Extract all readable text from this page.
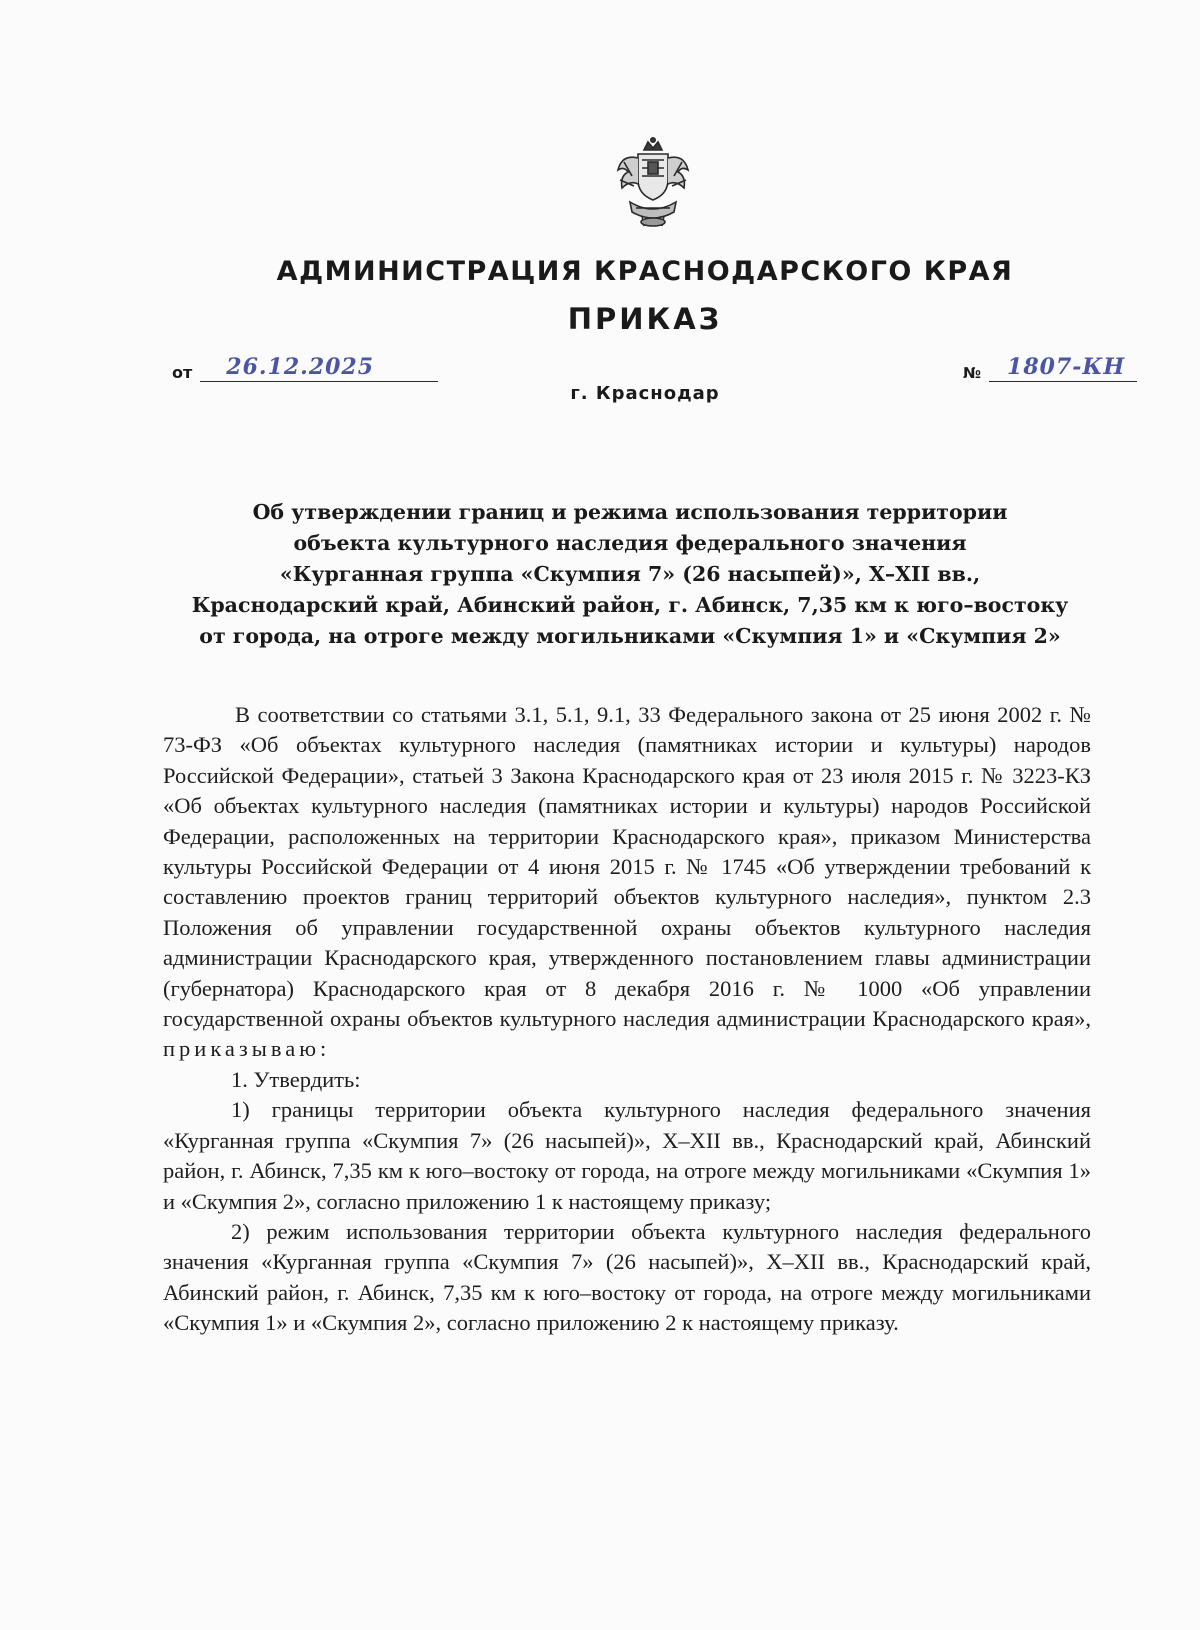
АДМИНИСТРАЦИЯ КРАСНОДАРСКОГО КРАЯ
ПРИКАЗ
от 26.12.2025	№ 1807-КН
г. Краснодар
Об утверждении границ и режима использования территории
объекта культурного наследия федерального значения
«Курганная группа «Скумпия 7» (26 насыпей)», X–XII вв.,
Краснодарский край, Абинский район, г. Абинск, 7,35 км к юго–востоку
от города, на отроге между могильниками «Скумпия 1» и «Скумпия 2»

В соответствии со статьями 3.1, 5.1, 9.1, 33 Федерального закона от 25 июня 2002 г. № 73-ФЗ «Об объектах культурного наследия (памятниках истории и культуры) народов Российской Федерации», статьей 3 Закона Краснодарского края от 23 июля 2015 г. № 3223-КЗ «Об объектах культурного наследия (памятниках истории и культуры) народов Российской Федерации, расположенных на территории Краснодарского края», приказом Министерства культуры Российской Федерации от 4 июня 2015 г. № 1745 «Об утверждении требований к составлению проектов границ территорий объектов культурного наследия», пунктом 2.3 Положения об управлении государственной охраны объектов культурного наследия администрации Краснодарского края, утвержденного постановлением главы администрации (губернатора) Краснодарского края от 8 декабря 2016 г. № 1000 «Об управлении государственной охраны объектов культурного наследия администрации Краснодарского края», приказываю:

1. Утвердить:

1) границы территории объекта культурного наследия федерального значения «Курганная группа «Скумпия 7» (26 насыпей)», X–XII вв., Краснодарский край, Абинский район, г. Абинск, 7,35 км к юго–востоку от города, на отроге между могильниками «Скумпия 1» и «Скумпия 2», согласно приложению 1 к настоящему приказу;

2) режим использования территории объекта культурного наследия федерального значения «Курганная группа «Скумпия 7» (26 насыпей)», X–XII вв., Краснодарский край, Абинский район, г. Абинск, 7,35 км к юго–востоку от города, на отроге между могильниками «Скумпия 1» и «Скумпия 2», согласно приложению 2 к настоящему приказу.
